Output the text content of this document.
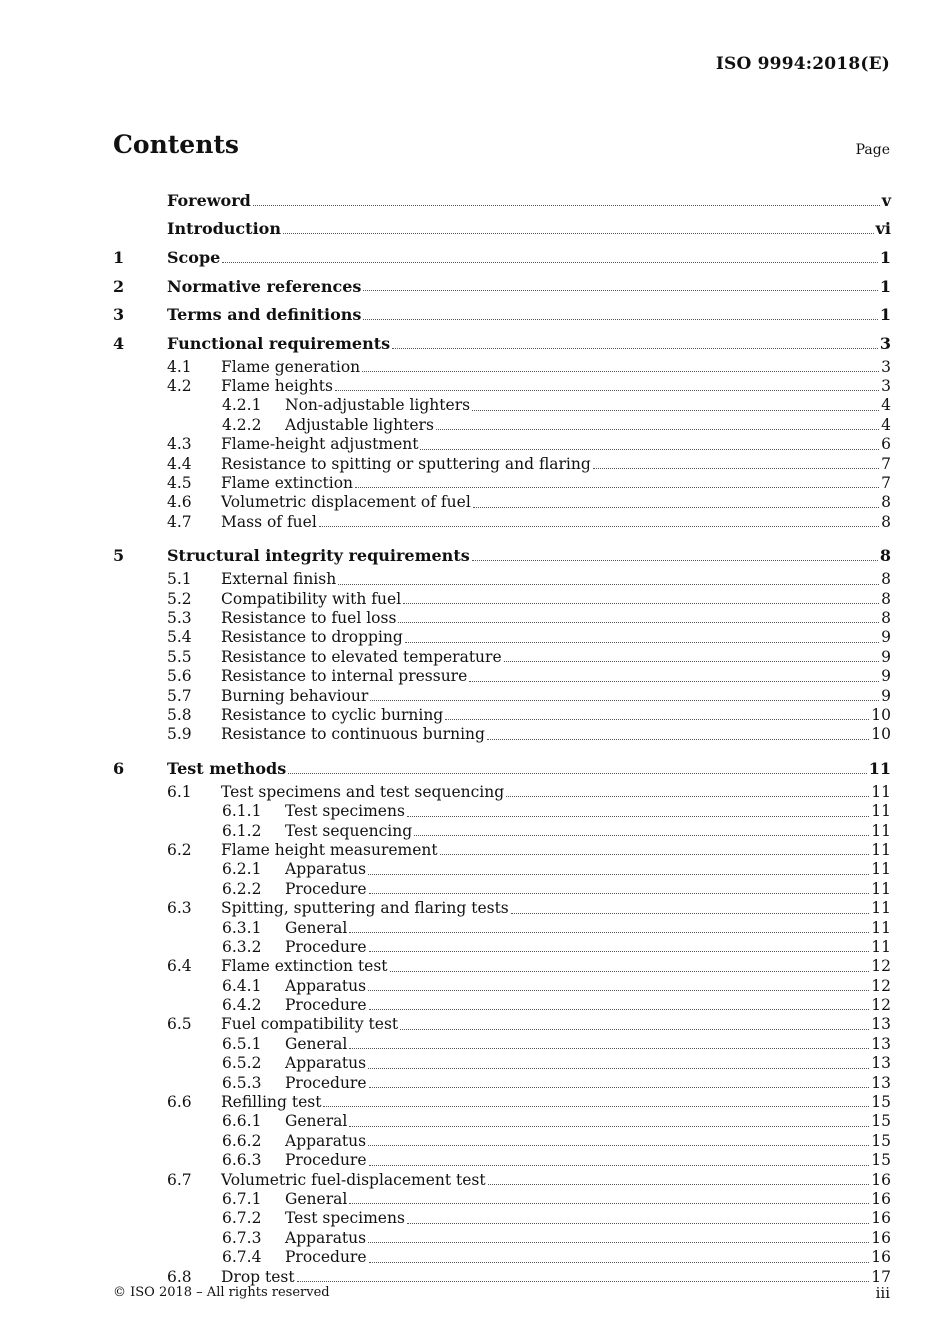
ISO 9994:2018(E)
Contents	Page
Foreword	v
Introduction	vi
1	Scope	1
2	Normative references	1
3	Terms and definitions	1
4	Functional requirements	3
4.1	Flame generation	3
4.2	Flame heights	3
4.2.1	Non-adjustable lighters	4
4.2.2	Adjustable lighters	4
4.3	Flame-height adjustment	6
4.4	Resistance to spitting or sputtering and flaring	7
4.5	Flame extinction	7
4.6	Volumetric displacement of fuel	8
4.7	Mass of fuel	8
5	Structural integrity requirements	8
5.1	External finish	8
5.2	Compatibility with fuel	8
5.3	Resistance to fuel loss	8
5.4	Resistance to dropping	9
5.5	Resistance to elevated temperature	9
5.6	Resistance to internal pressure	9
5.7	Burning behaviour	9
5.8	Resistance to cyclic burning	10
5.9	Resistance to continuous burning	10
6	Test methods	11
6.1	Test specimens and test sequencing	11
6.1.1	Test specimens	11
6.1.2	Test sequencing	11
6.2	Flame height measurement	11
6.2.1	Apparatus	11
6.2.2	Procedure	11
6.3	Spitting, sputtering and flaring tests	11
6.3.1	General	11
6.3.2	Procedure	11
6.4	Flame extinction test	12
6.4.1	Apparatus	12
6.4.2	Procedure	12
6.5	Fuel compatibility test	13
6.5.1	General	13
6.5.2	Apparatus	13
6.5.3	Procedure	13
6.6	Refilling test	15
6.6.1	General	15
6.6.2	Apparatus	15
6.6.3	Procedure	15
6.7	Volumetric fuel-displacement test	16
6.7.1	General	16
6.7.2	Test specimens	16
6.7.3	Apparatus	16
6.7.4	Procedure	16
6.8	Drop test	17
© ISO 2018 – All rights reserved	iii
